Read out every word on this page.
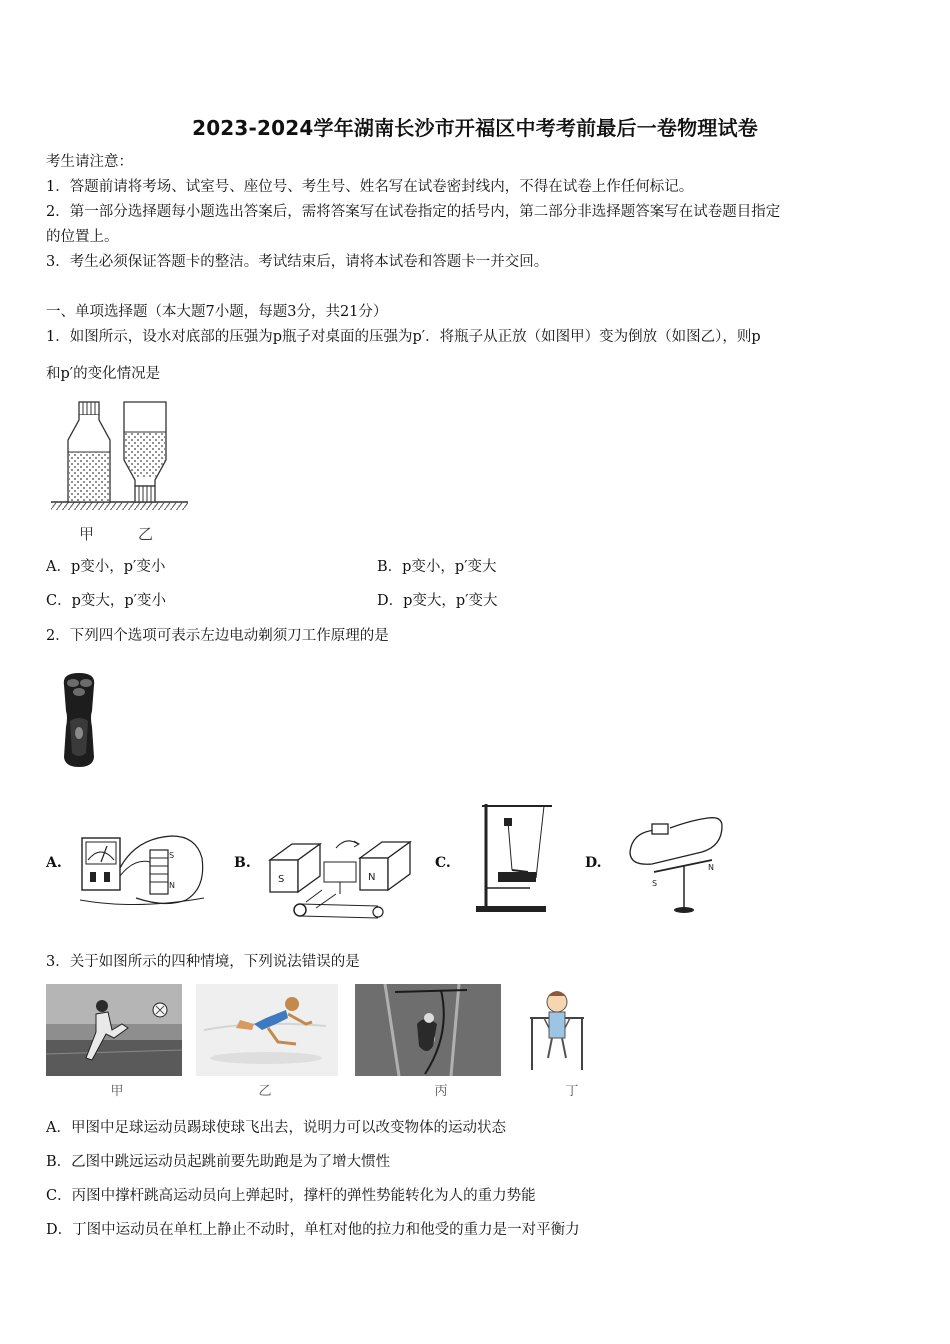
2023-2024学年湖南长沙市开福区中考考前最后一卷物理试卷
考生请注意：
1．答题前请将考场、试室号、座位号、考生号、姓名写在试卷密封线内，不得在试卷上作任何标记。
2．第一部分选择题每小题选出答案后，需将答案写在试卷指定的括号内，第二部分非选择题答案写在试卷题目指定
的位置上。
3．考生必须保证答题卡的整洁。考试结束后，请将本试卷和答题卡一并交回。
一、单项选择题（本大题7小题，每题3分，共21分）
1．如图所示，设水对底部的压强为p瓶子对桌面的压强为p′．将瓶子从正放（如图甲）变为倒放（如图乙），则p
和p′的变化情况是
甲	乙
A．p变小，p′变小	B．p变小，p′变大
C．p变大，p′变小	D．p变大，p′变大
2．下列四个选项可表示左边电动剃须刀工作原理的是
A.	S
N
B.
S	N
C.	D.
S
N
3．关于如图所示的四种情境，下列说法错误的是
甲	乙	丙	丁
A．甲图中足球运动员踢球使球飞出去，说明力可以改变物体的运动状态
B．乙图中跳远运动员起跳前要先助跑是为了增大惯性
C．丙图中撑杆跳高运动员向上弹起时，撑杆的弹性势能转化为人的重力势能
D．丁图中运动员在单杠上静止不动时，单杠对他的拉力和他受的重力是一对平衡力
